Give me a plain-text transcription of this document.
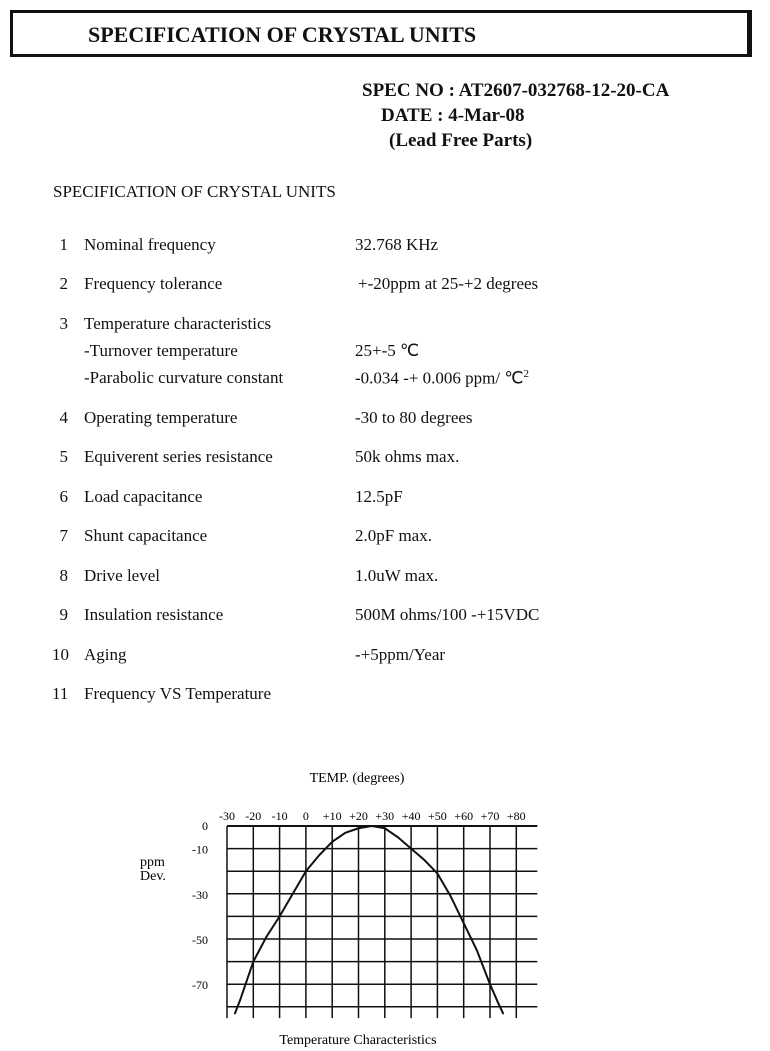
-30 -20 -10 0 +10 +20 +30 +40 +50 +60 +70 +80
0
-10
-30
-50
-70
TEMP. (degrees)
ppm
Dev.
Temperature Characteristics
SPECIFICATION OF CRYSTAL UNITS
SPEC NO : AT2607-032768-12-20-CA
DATE : 4-Mar-08
(Lead Free Parts)
SPECIFICATION OF CRYSTAL UNITS
1 Nominal frequency	32.768 KHz
2 Frequency tolerance	+-20ppm at 25-+2 degrees
3 Temperature characteristics
-Turnover temperature	25+-5 ℃
-Parabolic curvature constant	-0.034 -+ 0.006 ppm/ ℃$^2$
4 Operating temperature	-30 to 80 degrees
5 Equiverent series resistance	50k ohms max.
6 Load capacitance	12.5pF
7 Shunt capacitance	2.0pF max.
8 Drive level	1.0uW max.
9 Insulation resistance	500M ohms/100 -+15VDC
10 Aging	-+5ppm/Year
11 Frequency VS Temperature
